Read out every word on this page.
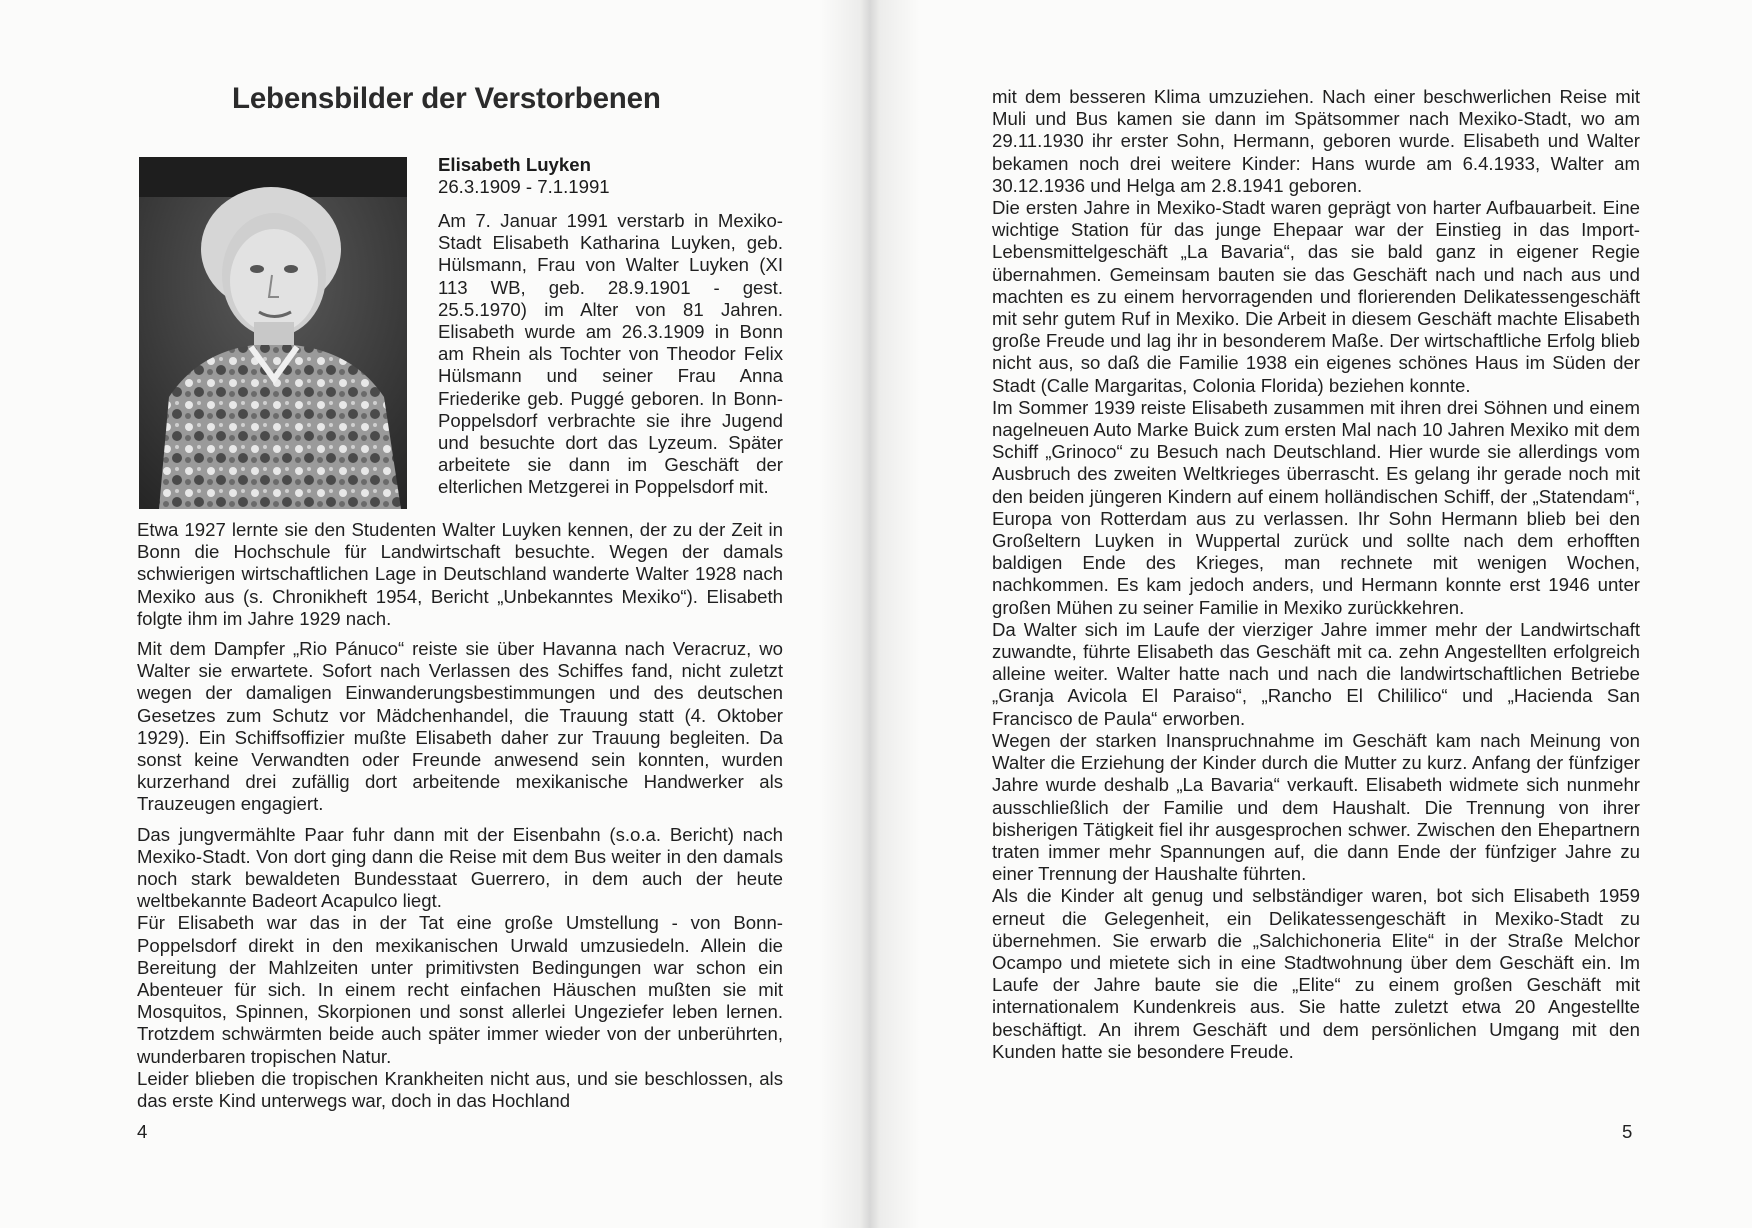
Lebensbilder der Verstorbenen

Elisabeth Luyken

26.3.1909 - 7.1.1991

Am 7. Januar 1991 verstarb in Mexiko-Stadt Elisabeth Katharina Luyken, geb. Hülsmann, Frau von Walter Luyken (XI 113 WB, geb. 28.9.1901 - gest. 25.5.1970) im Alter von 81 Jahren. Elisabeth wurde am 26.3.1909 in Bonn am Rhein als Tochter von Theodor Felix Hülsmann und seiner Frau Anna Friederike geb. Puggé geboren. In Bonn-Poppelsdorf verbrachte sie ihre Jugend und besuchte dort das Lyzeum. Später arbeitete sie dann im Geschäft der elterlichen Metzgerei in Poppelsdorf mit.

Etwa 1927 lernte sie den Studenten Walter Luyken kennen, der zu der Zeit in Bonn die Hochschule für Landwirtschaft besuchte. Wegen der damals schwierigen wirtschaftlichen Lage in Deutschland wanderte Walter 1928 nach Mexiko aus (s. Chronikheft 1954, Bericht „Unbekanntes Mexiko“). Elisabeth folgte ihm im Jahre 1929 nach.

Mit dem Dampfer „Rio Pánuco“ reiste sie über Havanna nach Veracruz, wo Walter sie erwartete. Sofort nach Verlassen des Schiffes fand, nicht zuletzt wegen der damaligen Einwanderungsbestimmungen und des deutschen Gesetzes zum Schutz vor Mädchenhandel, die Trauung statt (4. Oktober 1929). Ein Schiffsoffizier mußte Elisabeth daher zur Trauung begleiten. Da sonst keine Verwandten oder Freunde anwesend sein konnten, wurden kurzerhand drei zufällig dort arbeitende mexikanische Handwerker als Trauzeugen engagiert.

Das jungvermählte Paar fuhr dann mit der Eisenbahn (s.o.a. Bericht) nach Mexiko-Stadt. Von dort ging dann die Reise mit dem Bus weiter in den damals noch stark bewaldeten Bundesstaat Guerrero, in dem auch der heute weltbekannte Badeort Acapulco liegt.

Für Elisabeth war das in der Tat eine große Umstellung - von Bonn-Poppelsdorf direkt in den mexikanischen Urwald umzusiedeln. Allein die Bereitung der Mahlzeiten unter primitivsten Bedingungen war schon ein Abenteuer für sich. In einem recht einfachen Häuschen mußten sie mit Mosquitos, Spinnen, Skorpionen und sonst allerlei Ungeziefer leben lernen. Trotzdem schwärmten beide auch später immer wieder von der unberührten, wunderbaren tropischen Natur.

Leider blieben die tropischen Krankheiten nicht aus, und sie beschlossen, als das erste Kind unterwegs war, doch in das Hochland

4

mit dem besseren Klima umzuziehen. Nach einer beschwerlichen Reise mit Muli und Bus kamen sie dann im Spätsommer nach Mexiko-Stadt, wo am 29.11.1930 ihr erster Sohn, Hermann, geboren wurde. Elisabeth und Walter bekamen noch drei weitere Kinder: Hans wurde am 6.4.1933, Walter am 30.12.1936 und Helga am 2.8.1941 geboren.

Die ersten Jahre in Mexiko-Stadt waren geprägt von harter Aufbauarbeit. Eine wichtige Station für das junge Ehepaar war der Einstieg in das Import-Lebensmittelgeschäft „La Bavaria“, das sie bald ganz in eigener Regie übernahmen. Gemeinsam bauten sie das Geschäft nach und nach aus und machten es zu einem hervorragenden und florierenden Delikatessengeschäft mit sehr gutem Ruf in Mexiko. Die Arbeit in diesem Geschäft machte Elisabeth große Freude und lag ihr in besonderem Maße. Der wirtschaftliche Erfolg blieb nicht aus, so daß die Familie 1938 ein eigenes schönes Haus im Süden der Stadt (Calle Margaritas, Colonia Florida) beziehen konnte.

Im Sommer 1939 reiste Elisabeth zusammen mit ihren drei Söhnen und einem nagelneuen Auto Marke Buick zum ersten Mal nach 10 Jahren Mexiko mit dem Schiff „Grinoco“ zu Besuch nach Deutschland. Hier wurde sie allerdings vom Ausbruch des zweiten Weltkrieges überrascht. Es gelang ihr gerade noch mit den beiden jüngeren Kindern auf einem holländischen Schiff, der „Statendam“, Europa von Rotterdam aus zu verlassen. Ihr Sohn Hermann blieb bei den Großeltern Luyken in Wuppertal zurück und sollte nach dem erhofften baldigen Ende des Krieges, man rechnete mit wenigen Wochen, nachkommen. Es kam jedoch anders, und Hermann konnte erst 1946 unter großen Mühen zu seiner Familie in Mexiko zurückkehren.

Da Walter sich im Laufe der vierziger Jahre immer mehr der Landwirtschaft zuwandte, führte Elisabeth das Geschäft mit ca. zehn Angestellten erfolgreich alleine weiter. Walter hatte nach und nach die landwirtschaftlichen Betriebe „Granja Avicola El Paraiso“, „Rancho El Chililico“ und „Hacienda San Francisco de Paula“ erworben.

Wegen der starken Inanspruchnahme im Geschäft kam nach Meinung von Walter die Erziehung der Kinder durch die Mutter zu kurz. Anfang der fünfziger Jahre wurde deshalb „La Bavaria“ verkauft. Elisabeth widmete sich nunmehr ausschließlich der Familie und dem Haushalt. Die Trennung von ihrer bisherigen Tätigkeit fiel ihr ausgesprochen schwer. Zwischen den Ehepartnern traten immer mehr Spannungen auf, die dann Ende der fünfziger Jahre zu einer Trennung der Haushalte führten.

Als die Kinder alt genug und selbständiger waren, bot sich Elisabeth 1959 erneut die Gelegenheit, ein Delikatessengeschäft in Mexiko-Stadt zu übernehmen. Sie erwarb die „Salchichoneria Elite“ in der Straße Melchor Ocampo und mietete sich in eine Stadtwohnung über dem Geschäft ein. Im Laufe der Jahre baute sie die „Elite“ zu einem großen Geschäft mit internationalem Kundenkreis aus. Sie hatte zuletzt etwa 20 Angestellte beschäftigt. An ihrem Geschäft und dem persönlichen Umgang mit den Kunden hatte sie besondere Freude.

5
